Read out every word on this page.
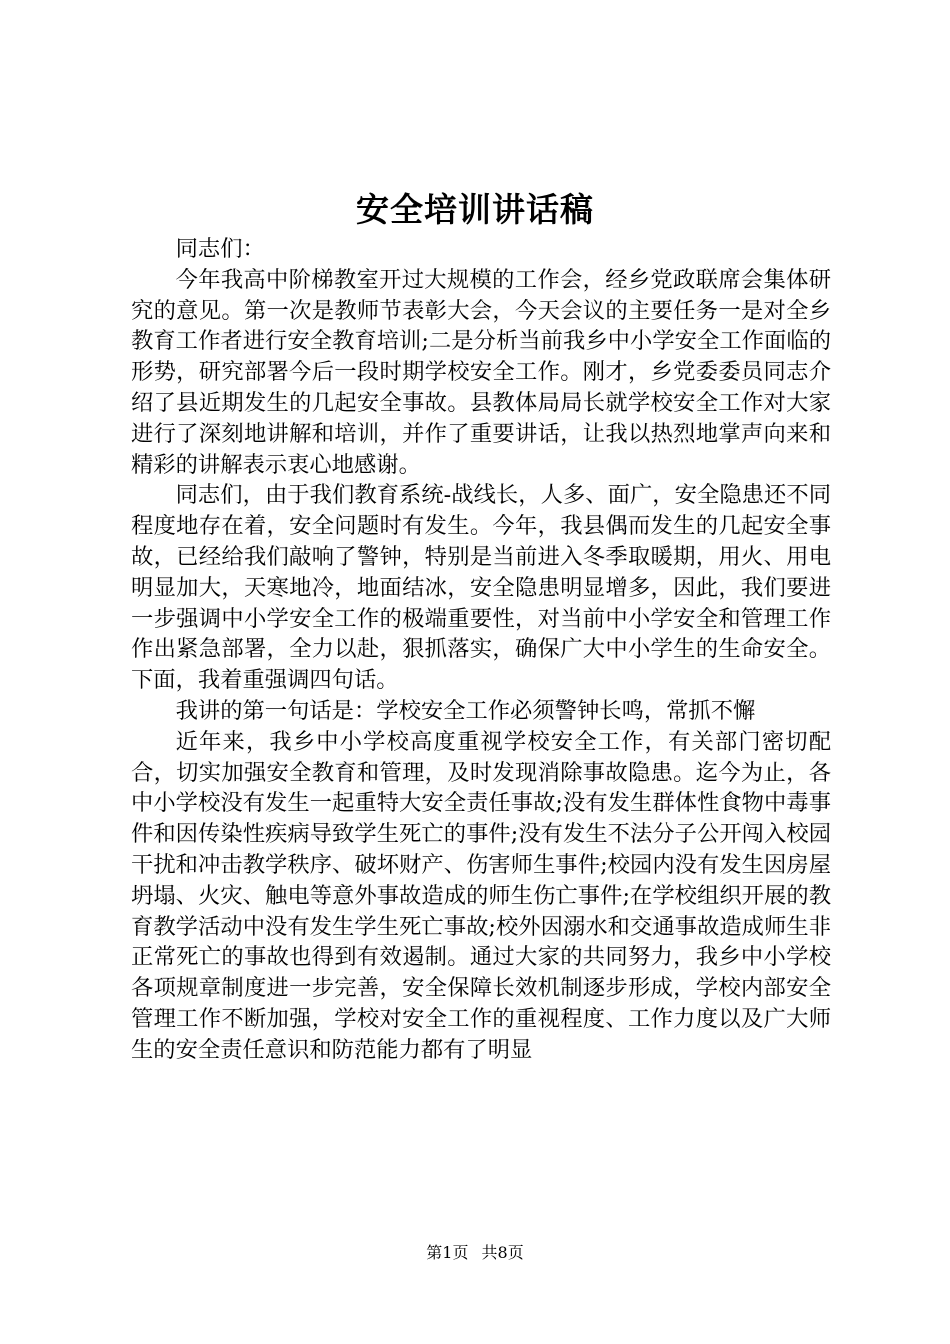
安全培训讲话稿

同志们：

今年我高中阶梯教室开过大规模的工作会，经乡党政联席会集体研究的意见。第一次是教师节表彰大会，今天会议的主要任务一是对全乡教育工作者进行安全教育培训;二是分析当前我乡中小学安全工作面临的形势，研究部署今后一段时期学校安全工作。刚才，乡党委委员同志介绍了县近期发生的几起安全事故。县教体局局长就学校安全工作对大家进行了深刻地讲解和培训，并作了重要讲话，让我以热烈地掌声向来和精彩的讲解表示衷心地感谢。

同志们，由于我们教育系统-战线长，人多、面广，安全隐患还不同程度地存在着，安全问题时有发生。今年，我县偶而发生的几起安全事故，已经给我们敲响了警钟，特别是当前进入冬季取暖期，用火、用电明显加大，天寒地冷，地面结冰，安全隐患明显增多，因此，我们要进一步强调中小学安全工作的极端重要性，对当前中小学安全和管理工作作出紧急部署，全力以赴，狠抓落实，确保广大中小学生的生命安全。下面，我着重强调四句话。

我讲的第一句话是：学校安全工作必须警钟长鸣，常抓不懈

近年来，我乡中小学校高度重视学校安全工作，有关部门密切配合，切实加强安全教育和管理，及时发现消除事故隐患。迄今为止，各中小学校没有发生一起重特大安全责任事故;没有发生群体性食物中毒事件和因传染性疾病导致学生死亡的事件;没有发生不法分子公开闯入校园干扰和冲击教学秩序、破坏财产、伤害师生事件;校园内没有发生因房屋坍塌、火灾、触电等意外事故造成的师生伤亡事件;在学校组织开展的教育教学活动中没有发生学生死亡事故;校外因溺水和交通事故造成师生非正常死亡的事故也得到有效遏制。通过大家的共同努力，我乡中小学校各项规章制度进一步完善，安全保障长效机制逐步形成，学校内部安全管理工作不断加强，学校对安全工作的重视程度、工作力度以及广大师生的安全责任意识和防范能力都有了明显

第1页 共8页
